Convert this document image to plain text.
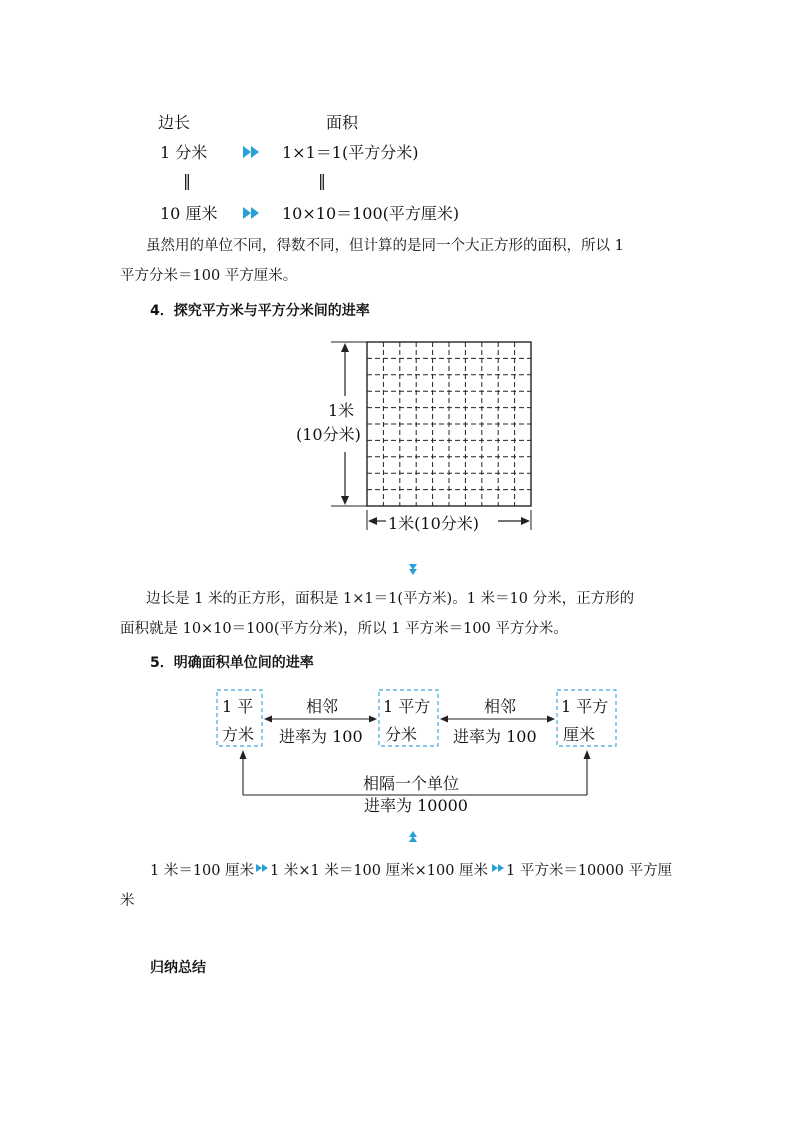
边长	面积
1 分米	1×1＝1(平方分米)
‖	‖
10 厘米	10×10＝100(平方厘米)
虽然用的单位不同，得数不同，但计算的是同一个大正方形的面积，所以 1
平方分米＝100 平方厘米。
4．探究平方米与平方分米间的进率
1米
(10分米)
1米(10分米)
边长是 1 米的正方形，面积是 1×1＝1(平方米)。1 米＝10 分米，正方形的
面积就是 10×10＝100(平方分米)，所以 1 平方米＝100 平方分米。
5．明确面积单位间的进率
1 平
方米
1 平方
分米
1 平方
厘米
相邻
进率为 100
相邻
进率为 100
相隔一个单位
进率为 10000
1 米＝100 厘米 1 米×1 米＝100 厘米×100 厘米 1 平方米＝10000 平方厘
米
归纳总结
